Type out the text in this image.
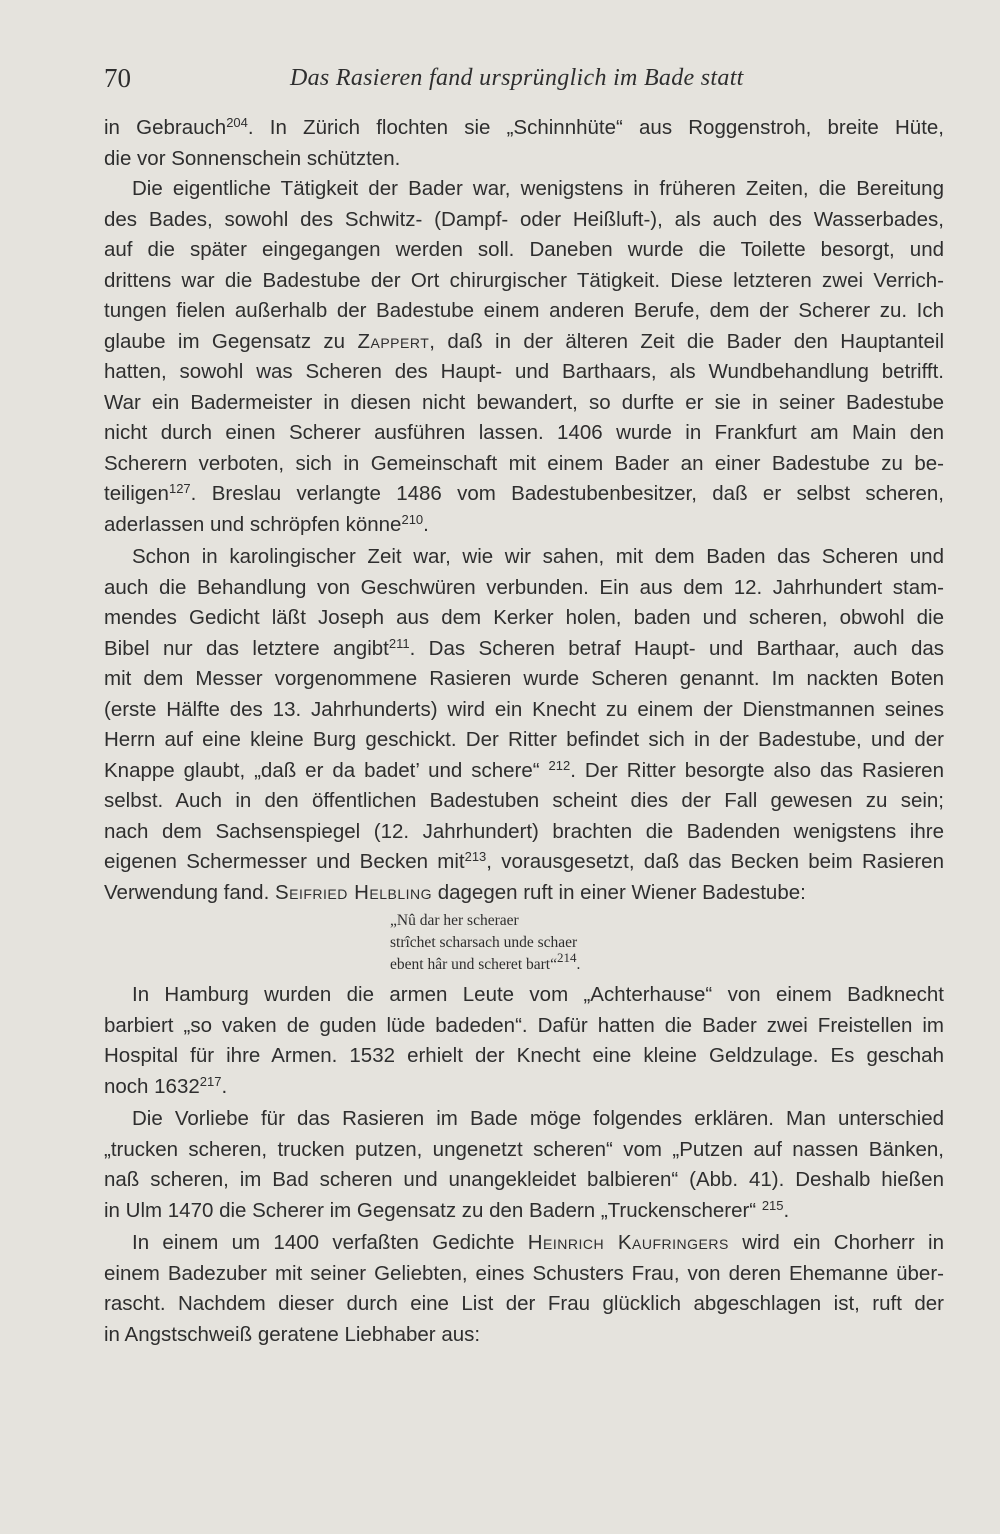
70	Das Rasieren fand ursprünglich im Bade statt
in Gebrauch$^{204}$. In Zürich flochten sie „Schinnhüte“ aus Roggenstroh, breite Hüte,
die vor Sonnenschein schützten.
Die eigentliche Tätigkeit der Bader war, wenigstens in früheren Zeiten, die Bereitung
des Bades, sowohl des Schwitz- (Dampf- oder Heißluft-), als auch des Wasserbades,
auf die später eingegangen werden soll. Daneben wurde die Toilette besorgt, und
drittens war die Badestube der Ort chirurgischer Tätigkeit. Diese letzteren zwei Verrich-
tungen fielen außerhalb der Badestube einem anderen Berufe, dem der Scherer zu. Ich
glaube im Gegensatz zu Zappert, daß in der älteren Zeit die Bader den Hauptanteil
hatten, sowohl was Scheren des Haupt- und Barthaars, als Wundbehandlung betrifft.
War ein Badermeister in diesen nicht bewandert, so durfte er sie in seiner Badestube
nicht durch einen Scherer ausführen lassen. 1406 wurde in Frankfurt am Main den
Scherern verboten, sich in Gemeinschaft mit einem Bader an einer Badestube zu be-
teiligen$^{127}$. Breslau verlangte 1486 vom Badestubenbesitzer, daß er selbst scheren,
aderlassen und schröpfen könne$^{210}$.
Schon in karolingischer Zeit war, wie wir sahen, mit dem Baden das Scheren und
auch die Behandlung von Geschwüren verbunden. Ein aus dem 12. Jahrhundert stam-
mendes Gedicht läßt Joseph aus dem Kerker holen, baden und scheren, obwohl die
Bibel nur das letztere angibt$^{211}$. Das Scheren betraf Haupt- und Barthaar, auch das
mit dem Messer vorgenommene Rasieren wurde Scheren genannt. Im nackten Boten
(erste Hälfte des 13. Jahrhunderts) wird ein Knecht zu einem der Dienstmannen seines
Herrn auf eine kleine Burg geschickt. Der Ritter befindet sich in der Badestube, und der
Knappe glaubt, „daß er da badet’ und schere“ $^{212}$. Der Ritter besorgte also das Rasieren
selbst. Auch in den öffentlichen Badestuben scheint dies der Fall gewesen zu sein;
nach dem Sachsenspiegel (12. Jahrhundert) brachten die Badenden wenigstens ihre
eigenen Schermesser und Becken mit$^{213}$, vorausgesetzt, daß das Becken beim Rasieren
Verwendung fand. Seifried Helbling dagegen ruft in einer Wiener Badestube:
„Nû dar her scheraer
strîchet scharsach unde schaer
ebent hâr und scheret bart“$^{214}$.
In Hamburg wurden die armen Leute vom „Achterhause“ von einem Badknecht
barbiert „so vaken de guden lüde badeden“. Dafür hatten die Bader zwei Freistellen im
Hospital für ihre Armen. 1532 erhielt der Knecht eine kleine Geldzulage. Es geschah
noch 1632$^{217}$.
Die Vorliebe für das Rasieren im Bade möge folgendes erklären. Man unterschied
„trucken scheren, trucken putzen, ungenetzt scheren“ vom „Putzen auf nassen Bänken,
naß scheren, im Bad scheren und unangekleidet balbieren“ (Abb. 41). Deshalb hießen
in Ulm 1470 die Scherer im Gegensatz zu den Badern „Truckenscherer“ $^{215}$.
In einem um 1400 verfaßten Gedichte Heinrich Kaufringers wird ein Chorherr in
einem Badezuber mit seiner Geliebten, eines Schusters Frau, von deren Ehemanne über-
rascht. Nachdem dieser durch eine List der Frau glücklich abgeschlagen ist, ruft der
in Angstschweiß geratene Liebhaber aus:
